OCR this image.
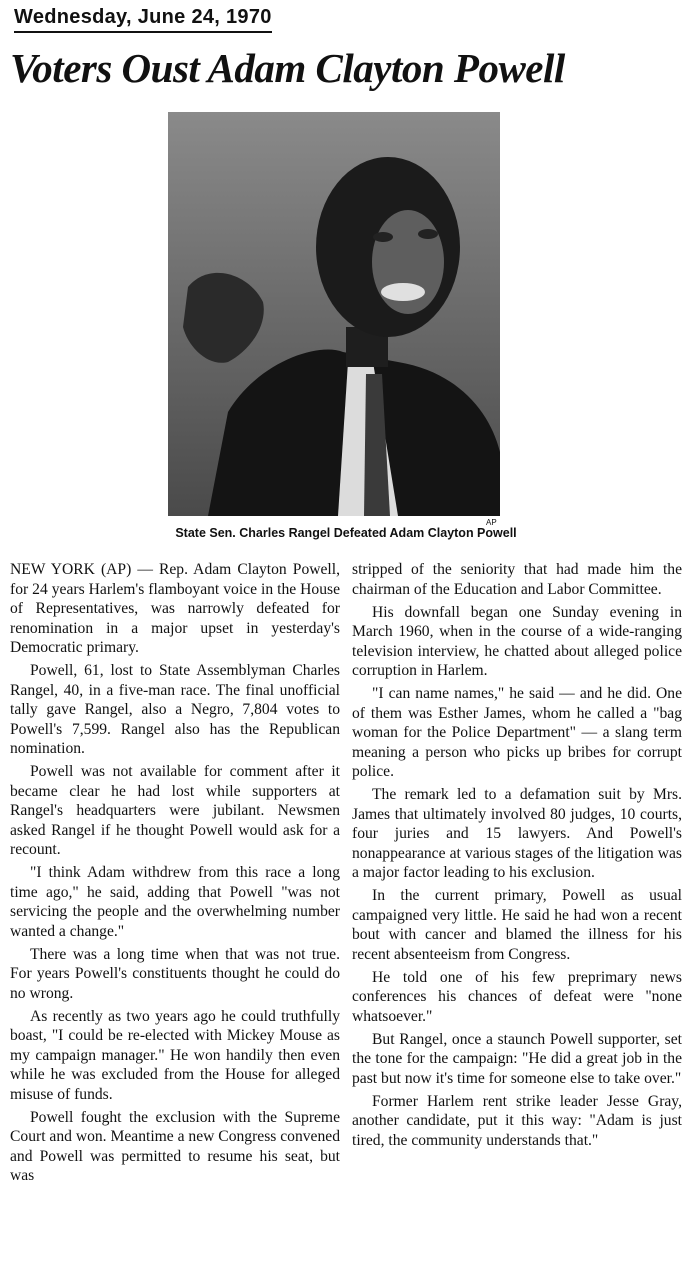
Wednesday, June 24, 1970
Voters Oust Adam Clayton Powell
AP
State Sen. Charles Rangel Defeated Adam Clayton Powell

NEW YORK (AP) — Rep. Adam Clayton Powell, for 24 years Harlem's flamboyant voice in the House of Representatives, was narrowly defeated for renomination in a major upset in yesterday's Democratic primary.

Powell, 61, lost to State Assemblyman Charles Rangel, 40, in a five-man race. The final unofficial tally gave Rangel, also a Negro, 7,804 votes to Powell's 7,599. Rangel also has the Republican nomination.

Powell was not available for comment after it became clear he had lost while supporters at Rangel's headquarters were jubilant. Newsmen asked Rangel if he thought Powell would ask for a recount.

"I think Adam withdrew from this race a long time ago," he said, adding that Powell "was not servicing the people and the overwhelming number wanted a change."

There was a long time when that was not true. For years Powell's constituents thought he could do no wrong.

As recently as two years ago he could truthfully boast, "I could be re-elected with Mickey Mouse as my campaign manager." He won handily then even while he was excluded from the House for alleged misuse of funds.

Powell fought the exclusion with the Supreme Court and won. Meantime a new Congress convened and Powell was permitted to resume his seat, but was

stripped of the seniority that had made him the chairman of the Education and Labor Committee.

His downfall began one Sunday evening in March 1960, when in the course of a wide-ranging television interview, he chatted about alleged police corruption in Harlem.

"I can name names," he said — and he did. One of them was Esther James, whom he called a "bag woman for the Police Department" — a slang term meaning a person who picks up bribes for corrupt police.

The remark led to a defamation suit by Mrs. James that ultimately involved 80 judges, 10 courts, four juries and 15 lawyers. And Powell's nonappearance at various stages of the litigation was a major factor leading to his exclusion.

In the current primary, Powell as usual campaigned very little. He said he had won a recent bout with cancer and blamed the illness for his recent absenteeism from Congress.

He told one of his few preprimary news conferences his chances of defeat were "none whatsoever."

But Rangel, once a staunch Powell supporter, set the tone for the campaign: "He did a great job in the past but now it's time for someone else to take over."

Former Harlem rent strike leader Jesse Gray, another candidate, put it this way: "Adam is just tired, the community understands that."
